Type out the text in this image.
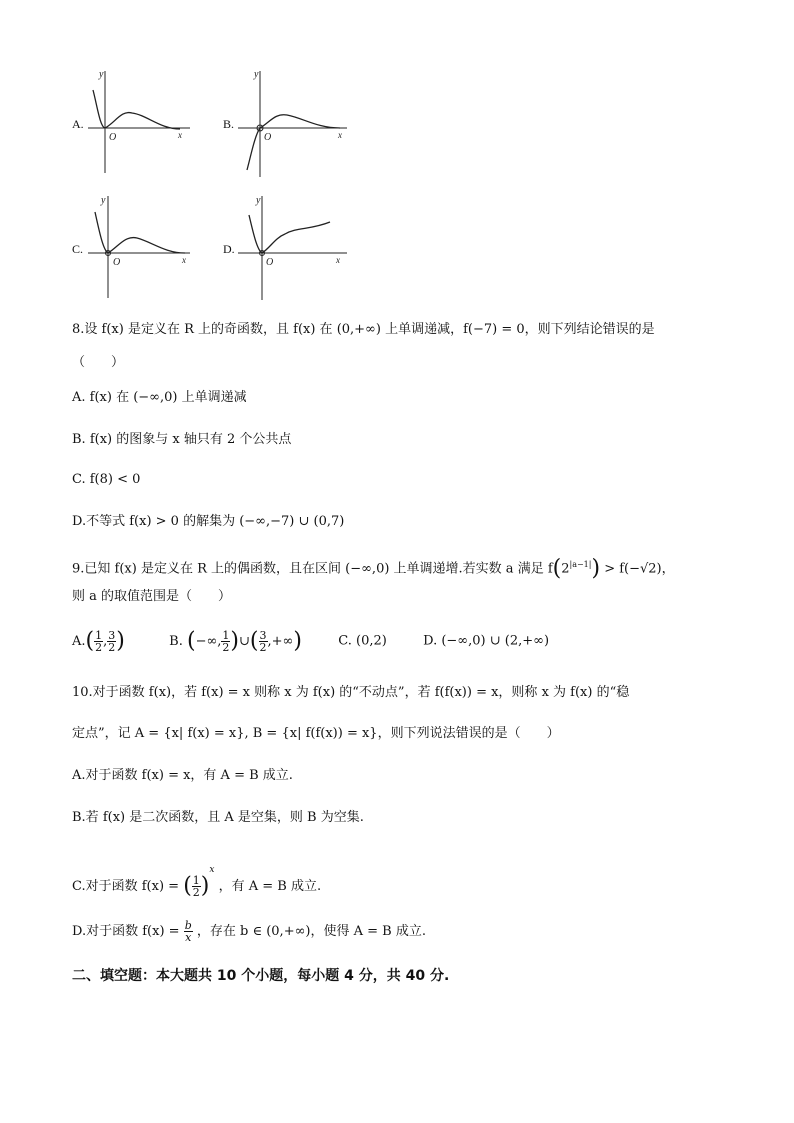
A.	B.
C.	D.
y
O	x
y
O	x
y
O	x
y
O	x
8.设 f(x) 是定义在 R 上的奇函数，且 f(x) 在 (0,+∞) 上单调递减，f(−7) = 0，则下列结论错误的是
（　　）
A. f(x) 在 (−∞,0) 上单调递减
B. f(x) 的图象与 x 轴只有 2 个公共点
C. f(8) < 0
D.不等式 f(x) > 0 的解集为 (−∞,−7) ∪ (0,7)
9.已知 f(x) 是定义在 R 上的偶函数，且在区间 (−∞,0) 上单调递增.若实数 a 满足 $f(2^{|a-1|}) > f(-√2)$，
则 a 的取值范围是（　　）
$A.( \frac{1}{2}$ , $\frac{3}{2}$ )	B. (−∞, $\frac{1}{2}$ )∪( $\frac{3}{2}$ ,+∞)	C. (0,2)	D. (−∞,0) ∪ (2,+∞)
10.对于函数 f(x)，若 f(x) = x 则称 x 为 f(x) 的“不动点”，若 f(f(x)) = x，则称 x 为 f(x) 的“稳
定点”，记 A = {x| f(x) = x}, B = {x| f(f(x)) = x}，则下列说法错误的是（　　）
A.对于函数 f(x) = x，有 A = B 成立.
B.若 f(x) 是二次函数，且 A 是空集，则 B 为空集.
C.对于函数 f(x) = ( $\frac{1}{2} )^x$ ，有 A = B 成立.
D.对于函数 $f(x) = \frac{b}{x}$ ，存在 b ∈ (0,+∞)，使得 A = B 成立.
二、填空题：本大题共 10 个小题，每小题 4 分，共 40 分.
